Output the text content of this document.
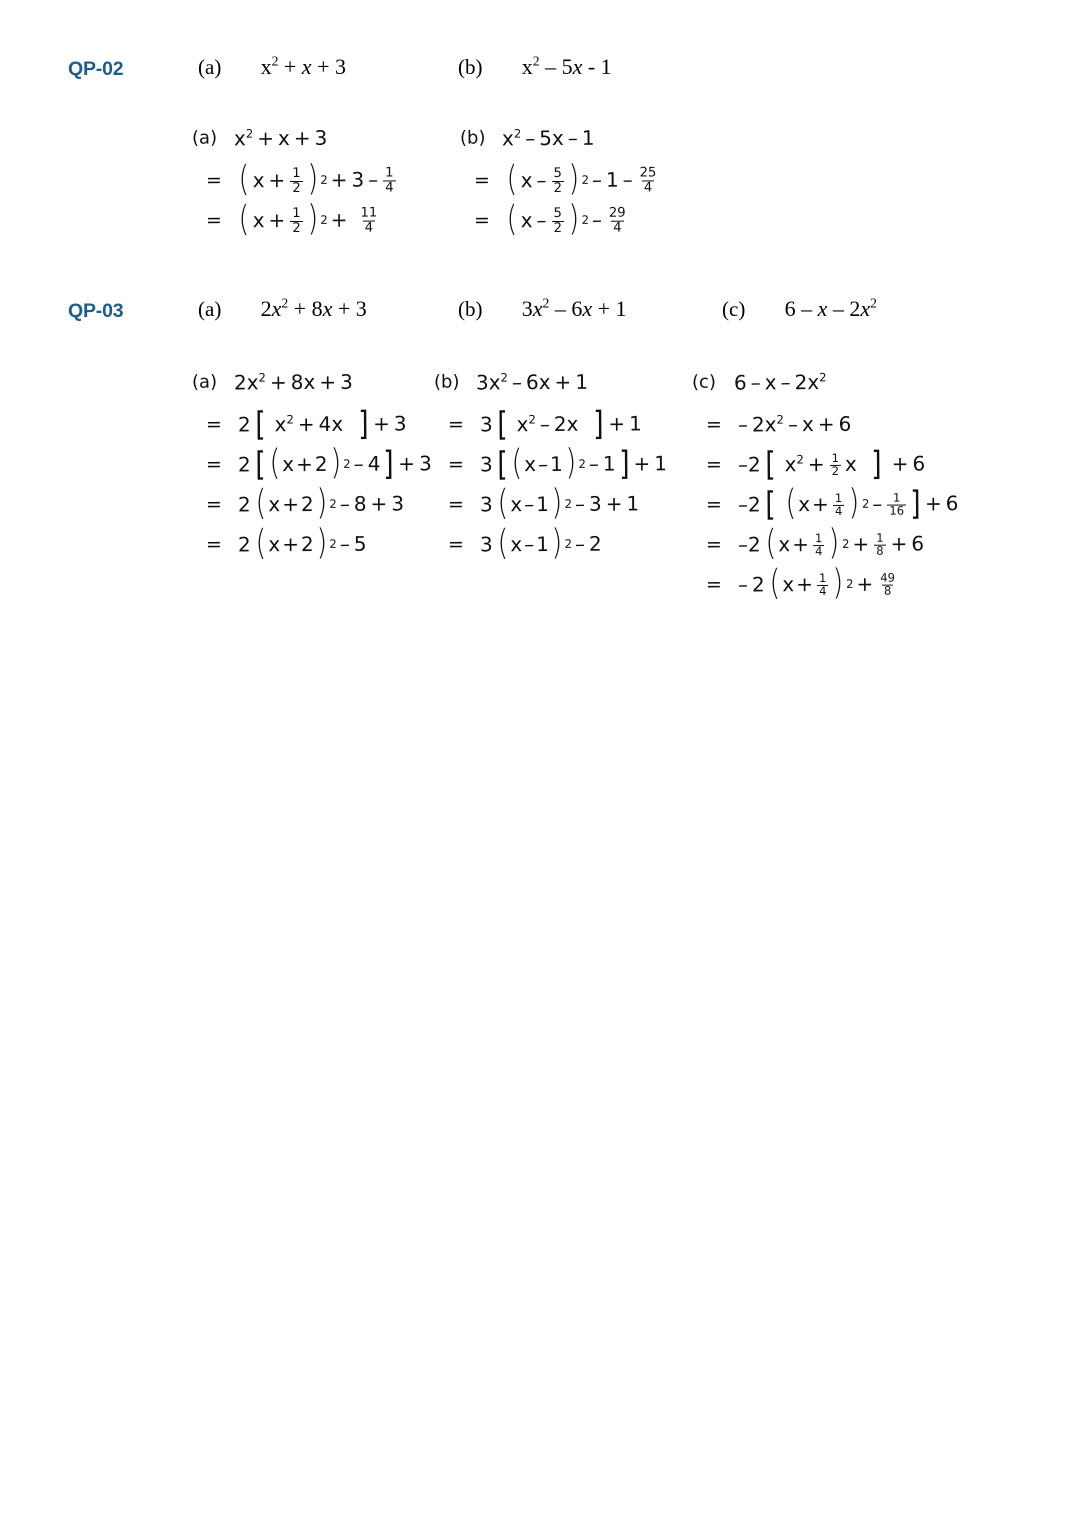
QP-02	(a) $x^2 + x + 3$	(b) $x^2 - 5x - 1$
(a) $x^2 + x + 3$
= ( $x + \frac{1}{2}$ ) $2 + 3 - \frac{1}{4}$
= ( $x + \frac{1}{2}$ ) $2 + \frac{11}{4}$
(b) $x^2 - 5x - 1$
= ( x – $\frac{5}{2}$ ) $2 - 1 - \frac{25}{4}$
= ( x – $\frac{5}{2}$ ) $2 - \frac{29}{4}$
QP-03	(a) $2x^2 + 8x + 3$	(b) $3x^2 - 6x + 1$	(c) 6 – x – $2x^2$
(a) $2x^2 + 8x + 3$
= 2 [ $x^2 + 4x$ ] + 3
= 2 [ ( x + 2 ) 2 – 4 ] + 3
= 2 ( x + 2 ) 2 – 8 + 3
= 2 ( x + 2 ) 2 – 5
(b) $3x^2 - 6x + 1$
= 3 [ $x^2 - 2x$ ] + 1
= 3 [ ( x – 1 ) 2 – 1 ] + 1
= 3 ( x – 1 ) 2 – 3 + 1
= 3 ( x – 1 ) 2 – 2
(c) 6 – x – $2x^2$
= – $2x^2 - x + 6$
= –2 [ $x^2 + \frac{1}{2}$ x ] + 6
= –2 [ ( $x + \frac{1}{4}$ ) $2 - \frac{1}{16}$ ] + 6
= –2 ( $x + \frac{1}{4}$ ) $2 + \frac{1}{8} + 6$
= – 2 ( $x + \frac{1}{4}$ ) $2 + \frac{49}{8}$
